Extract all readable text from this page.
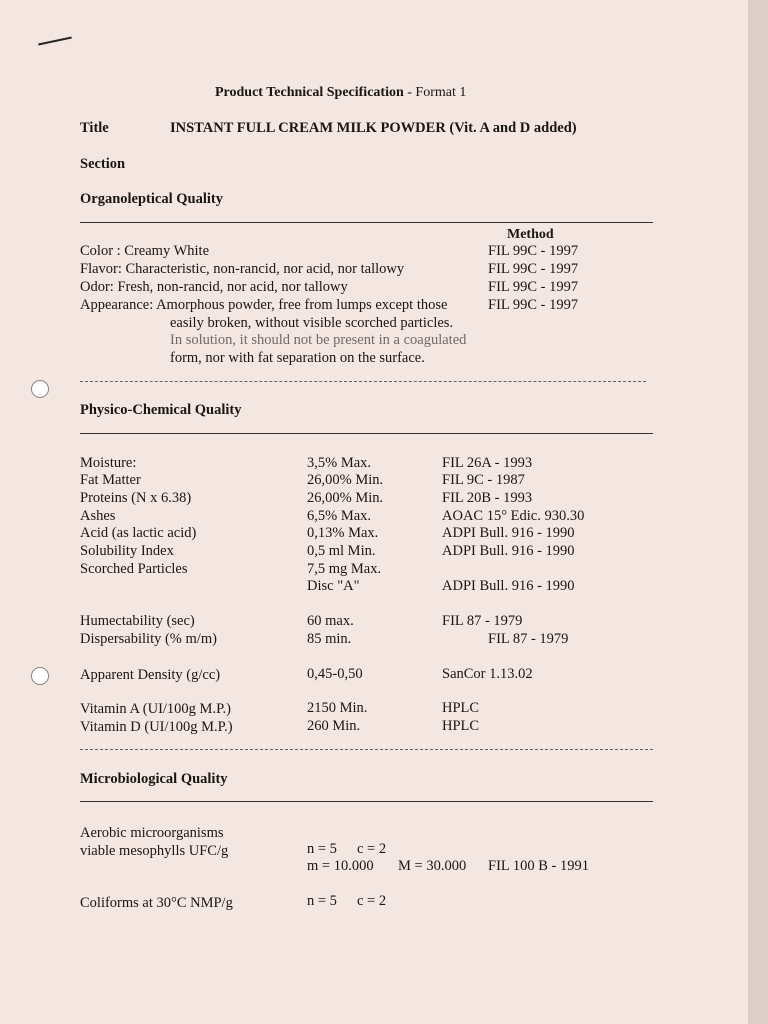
Product Technical Specification - Format 1
Title	INSTANT FULL CREAM MILK POWDER (Vit. A and D added)
Section
Organoleptical Quality
Method
Color : Creamy White	FIL 99C - 1997
Flavor: Characteristic, non-rancid, nor acid, nor tallowy	FIL 99C - 1997
Odor: Fresh, non-rancid, nor acid, nor tallowy	FIL 99C - 1997
Appearance: Amorphous powder, free from lumps except those	FIL 99C - 1997
easily broken, without visible scorched particles.
In solution, it should not be present in a coagulated
form, nor with fat separation on the surface.
Physico-Chemical Quality
Moisture:	3,5% Max.	FIL 26A - 1993
Fat Matter	26,00% Min.	FIL 9C - 1987
Proteins (N x 6.38)	26,00% Min.	FIL 20B - 1993
Ashes	6,5% Max.	AOAC 15° Edic. 930.30
Acid (as lactic acid)	0,13% Max.	ADPI Bull. 916 - 1990
Solubility Index	0,5 ml Min.	ADPI Bull. 916 - 1990
Scorched Particles	7,5 mg Max.
Disc "A"	ADPI Bull. 916 - 1990
Humectability (sec)	60 max.	FIL 87 - 1979
Dispersability (% m/m)	85 min.	FIL 87 - 1979
Apparent Density (g/cc)	0,45-0,50	SanCor 1.13.02
Vitamin A (UI/100g M.P.)	2150 Min.	HPLC
Vitamin D (UI/100g M.P.)	260 Min.	HPLC
Microbiological Quality
Aerobic microorganisms
viable mesophylls UFC/g	n = 5 c = 2
m = 10.000 M = 30.000 FIL 100 B - 1991
Coliforms at 30°C NMP/g	n = 5 c = 2
